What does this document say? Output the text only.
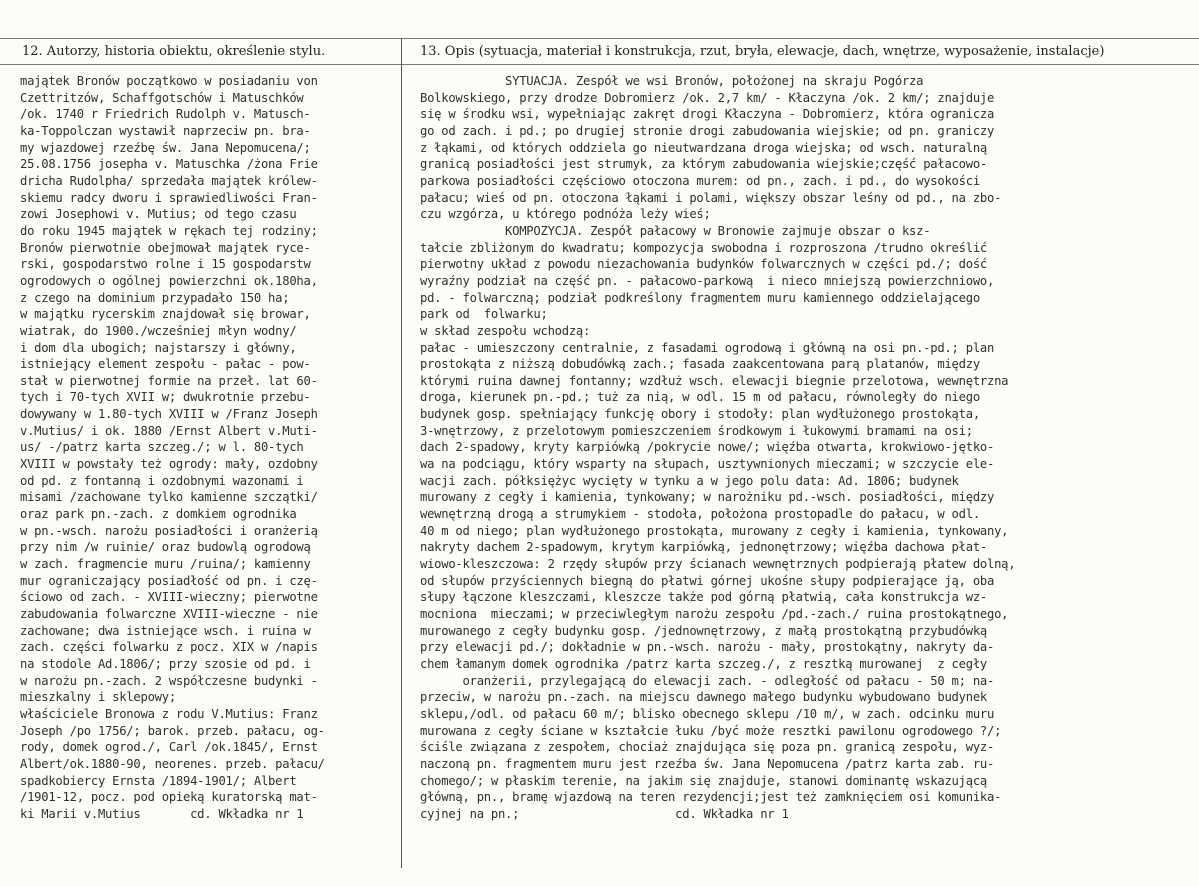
12. Autorzy, historia obiektu, określenie stylu.	13. Opis (sytuacja, materiał i konstrukcja, rzut, bryła, elewacje, dach, wnętrze, wyposażenie, instalacje)
majątek Bronów początkowo w posiadaniu von
Czettritzów, Schaffgotschów i Matuschków
/ok. 1740 r Friedrich Rudolph v. Matusch-
ka-Toppolczan wystawił naprzeciw pn. bra-
my wjazdowej rzeźbę św. Jana Nepomucena/;
25.08.1756 josepha v. Matuschka /żona Frie
dricha Rudolpha/ sprzedała majątek królew-
skiemu radcy dworu i sprawiedliwości Fran-
zowi Josephowi v. Mutius; od tego czasu
do roku 1945 majątek w rękach tej rodziny;
Bronów pierwotnie obejmował majątek ryce-
rski, gospodarstwo rolne i 15 gospodarstw
ogrodowych o ogólnej powierzchni ok.180ha,
z czego na dominium przypadało 150 ha;
w majątku rycerskim znajdował się browar,
wiatrak, do 1900./wcześniej młyn wodny/
i dom dla ubogich; najstarszy i główny,
istniejący element zespołu - pałac - pow-
stał w pierwotnej formie na przeł. lat 60-
tych i 70-tych XVII w; dwukrotnie przebu-
dowywany w 1.80-tych XVIII w /Franz Joseph
v.Mutius/ i ok. 1880 /Ernst Albert v.Muti-
us/ -/patrz karta szczeg./; w l. 80-tych
XVIII w powstały też ogrody: mały, ozdobny
od pd. z fontanną i ozdobnymi wazonami i
misami /zachowane tylko kamienne szczątki/
oraz park pn.-zach. z domkiem ogrodnika
w pn.-wsch. narożu posiadłości i oranżerią
przy nim /w ruinie/ oraz budowlą ogrodową
w zach. fragmencie muru /ruina/; kamienny
mur ograniczający posiadłość od pn. i czę-
ściowo od zach. - XVIII-wieczny; pierwotne
zabudowania folwarczne XVIII-wieczne - nie
zachowane; dwa istniejące wsch. i ruina w
zach. części folwarku z pocz. XIX w /napis
na stodole Ad.1806/; przy szosie od pd. i
w narożu pn.-zach. 2 współczesne budynki -
mieszkalny i sklepowy;
właściciele Bronowa z rodu V.Mutius: Franz
Joseph /po 1756/; barok. przeb. pałacu, og-
rody, domek ogrod./, Carl /ok.1845/, Ernst
Albert/ok.1880-90, neorenes. przeb. pałacu/
spadkobiercy Ernsta /1894-1901/; Albert
/1901-12, pocz. pod opieką kuratorską mat-
ki Marii v.Mutius       cd. Wkładka nr 1
SYTUACJA. Zespół we wsi Bronów, położonej na skraju Pogórza
Bolkowskiego, przy drodze Dobromierz /ok. 2,7 km/ - Kłaczyna /ok. 2 km/; znajduje
się w środku wsi, wypełniając zakręt drogi Kłaczyna - Dobromierz, która ogranicza
go od zach. i pd.; po drugiej stronie drogi zabudowania wiejskie; od pn. graniczy
z łąkami, od których oddziela go nieutwardzana droga wiejska; od wsch. naturalną
granicą posiadłości jest strumyk, za którym zabudowania wiejskie;część pałacowo-
parkowa posiadłości częściowo otoczona murem: od pn., zach. i pd., do wysokości
pałacu; wieś od pn. otoczona łąkami i polami, większy obszar leśny od pd., na zbo-
czu wzgórza, u którego podnóża leży wieś;
KOMPOZYCJA. Zespół pałacowy w Bronowie zajmuje obszar o ksz-
tałcie zbliżonym do kwadratu; kompozycja swobodna i rozproszona /trudno określić
pierwotny układ z powodu niezachowania budynków folwarcznych w części pd./; dość
wyraźny podział na część pn. - pałacowo-parkową  i nieco mniejszą powierzchniowo,
pd. - folwarczną; podział podkreślony fragmentem muru kamiennego oddzielającego
park od  folwarku;
w skład zespołu wchodzą:
pałac - umieszczony centralnie, z fasadami ogrodową i główną na osi pn.-pd.; plan
prostokąta z niższą dobudówką zach.; fasada zaakcentowana parą platanów, między
którymi ruina dawnej fontanny; wzdłuż wsch. elewacji biegnie przelotowa, wewnętrzna
droga, kierunek pn.-pd.; tuż za nią, w odl. 15 m od pałacu, równoległy do niego
budynek gosp. spełniający funkcję obory i stodoły: plan wydłużonego prostokąta,
3-wnętrzowy, z przelotowym pomieszczeniem środkowym i łukowymi bramami na osi;
dach 2-spadowy, kryty karpiówką /pokrycie nowe/; więźba otwarta, krokwiowo-jętko-
wa na podciągu, który wsparty na słupach, usztywnionych mieczami; w szczycie ele-
wacji zach. półksiężyc wycięty w tynku a w jego polu data: Ad. 1806; budynek
murowany z cegły i kamienia, tynkowany; w narożniku pd.-wsch. posiadłości, między
wewnętrzną drogą a strumykiem - stodoła, położona prostopadle do pałacu, w odl.
40 m od niego; plan wydłużonego prostokąta, murowany z cegły i kamienia, tynkowany,
nakryty dachem 2-spadowym, krytym karpiówką, jednonętrzowy; więźba dachowa płat-
wiowo-kleszczowa: 2 rzędy słupów przy ścianach wewnętrznych podpierają płatew dolną,
od słupów przyściennych biegną do płatwi górnej ukośne słupy podpierające ją, oba
słupy łączone kleszczami, kleszcze także pod górną płatwią, cała konstrukcja wz-
mocniona  mieczami; w przeciwległym narożu zespołu /pd.-zach./ ruina prostokątnego,
murowanego z cegły budynku gosp. /jednownętrzowy, z małą prostokątną przybudówką
przy elewacji pd./; dokładnie w pn.-wsch. narożu - mały, prostokątny, nakryty da-
chem łamanym domek ogrodnika /patrz karta szczeg./, z resztką murowanej  z cegły
oranżerii, przylegającą do elewacji zach. - odległość od pałacu - 50 m; na-
przeciw, w narożu pn.-zach. na miejscu dawnego małego budynku wybudowano budynek
sklepu,/odl. od pałacu 60 m/; blisko obecnego sklepu /10 m/, w zach. odcinku muru
murowana z cegły ściane w kształcie łuku /być może resztki pawilonu ogrodowego ?/;
ściśle związana z zespołem, chociaż znajdująca się poza pn. granicą zespołu, wyz-
naczoną pn. fragmentem muru jest rzeźba św. Jana Nepomucena /patrz karta zab. ru-
chomego/; w płaskim terenie, na jakim się znajduje, stanowi dominantę wskazującą
główną, pn., bramę wjazdową na teren rezydencji;jest też zamknięciem osi komunika-
cyjnej na pn.;                      cd. Wkładka nr 1
